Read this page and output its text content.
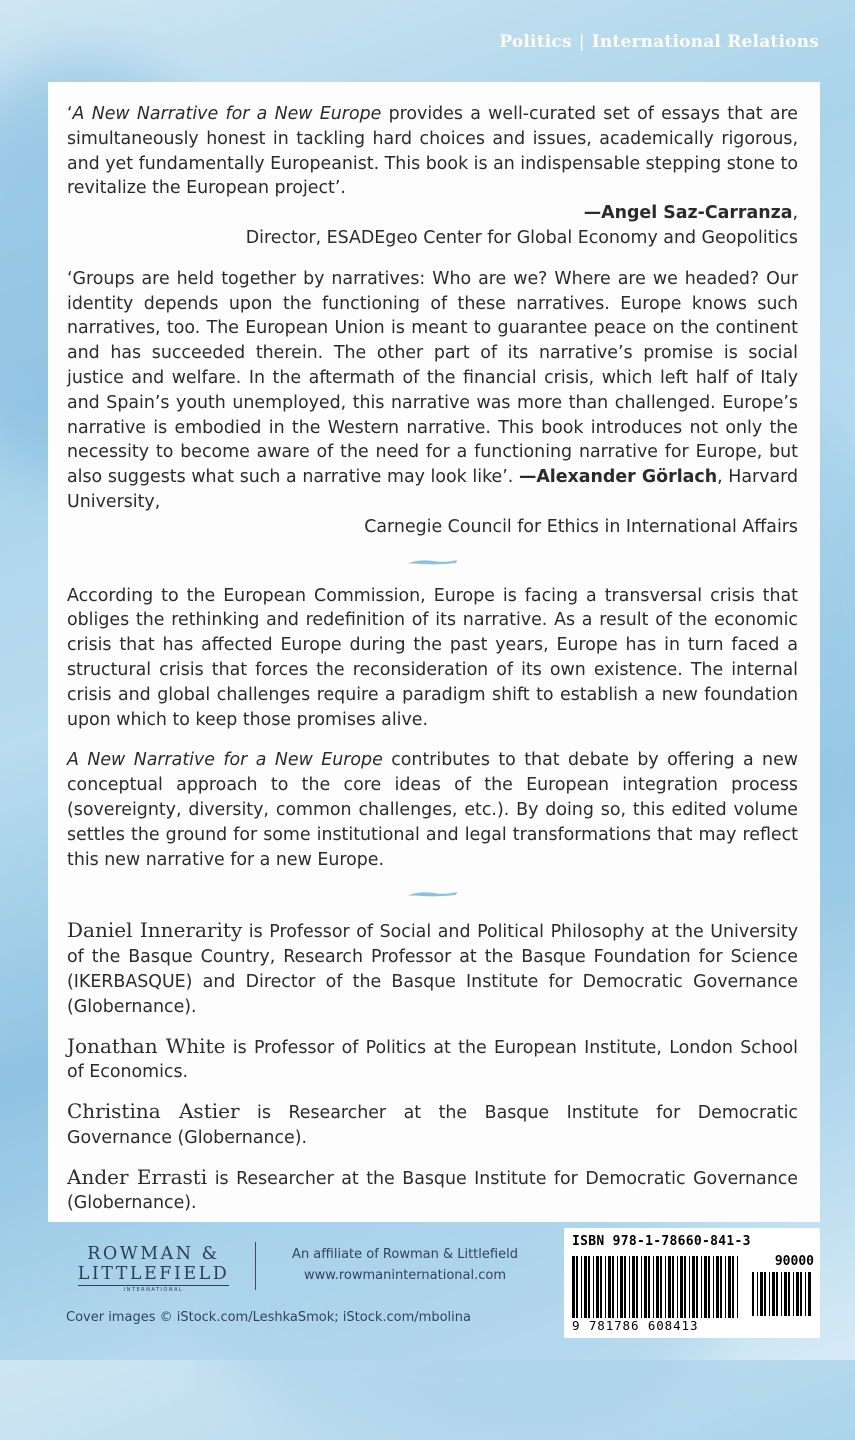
Politics | International Relations

‘A New Narrative for a New Europe provides a well-curated set of essays that are simultaneously honest in tackling hard choices and issues, academically rigorous, and yet fundamentally Europeanist. This book is an indispensable stepping stone to revitalize the European project’.

—Angel Saz-Carranza,
Director, ESADEgeo Center for Global Economy and Geopolitics

‘Groups are held together by narratives: Who are we? Where are we headed? Our identity depends upon the functioning of these narratives. Europe knows such narratives, too. The European Union is meant to guarantee peace on the continent and has succeeded therein. The other part of its narrative’s promise is social justice and welfare. In the aftermath of the financial crisis, which left half of Italy and Spain’s youth unemployed, this narrative was more than challenged. Europe’s narrative is embodied in the Western narrative. This book introduces not only the necessity to become aware of the need for a functioning narrative for Europe, but also suggests what such a narrative may look like’. —Alexander Görlach, Harvard University,

Carnegie Council for Ethics in International Affairs

According to the European Commission, Europe is facing a transversal crisis that obliges the rethinking and redefinition of its narrative. As a result of the economic crisis that has affected Europe during the past years, Europe has in turn faced a structural crisis that forces the reconsideration of its own existence. The internal crisis and global challenges require a paradigm shift to establish a new foundation upon which to keep those promises alive.

A New Narrative for a New Europe contributes to that debate by offering a new conceptual approach to the core ideas of the European integration process (sovereignty, diversity, common challenges, etc.). By doing so, this edited volume settles the ground for some institutional and legal transformations that may reflect this new narrative for a new Europe.

Daniel Innerarity is Professor of Social and Political Philosophy at the University of the Basque Country, Research Professor at the Basque Foundation for Science (IKERBASQUE) and Director of the Basque Institute for Democratic Governance (Globernance).

Jonathan White is Professor of Politics at the European Institute, London School of Economics.

Christina Astier is Researcher at the Basque Institute for Democratic Governance (Globernance).

Ander Errasti is Researcher at the Basque Institute for Democratic Governance (Globernance).

ROWMAN &
LITTLEFIELD
INTERNATIONAL
An affiliate of Rowman & Littlefield
www.rowmaninternational.com
Cover images © iStock.com/LeshkaSmok; iStock.com/mbolina
ISBN 978-1-78660-841-3
90000
9 781786 608413
